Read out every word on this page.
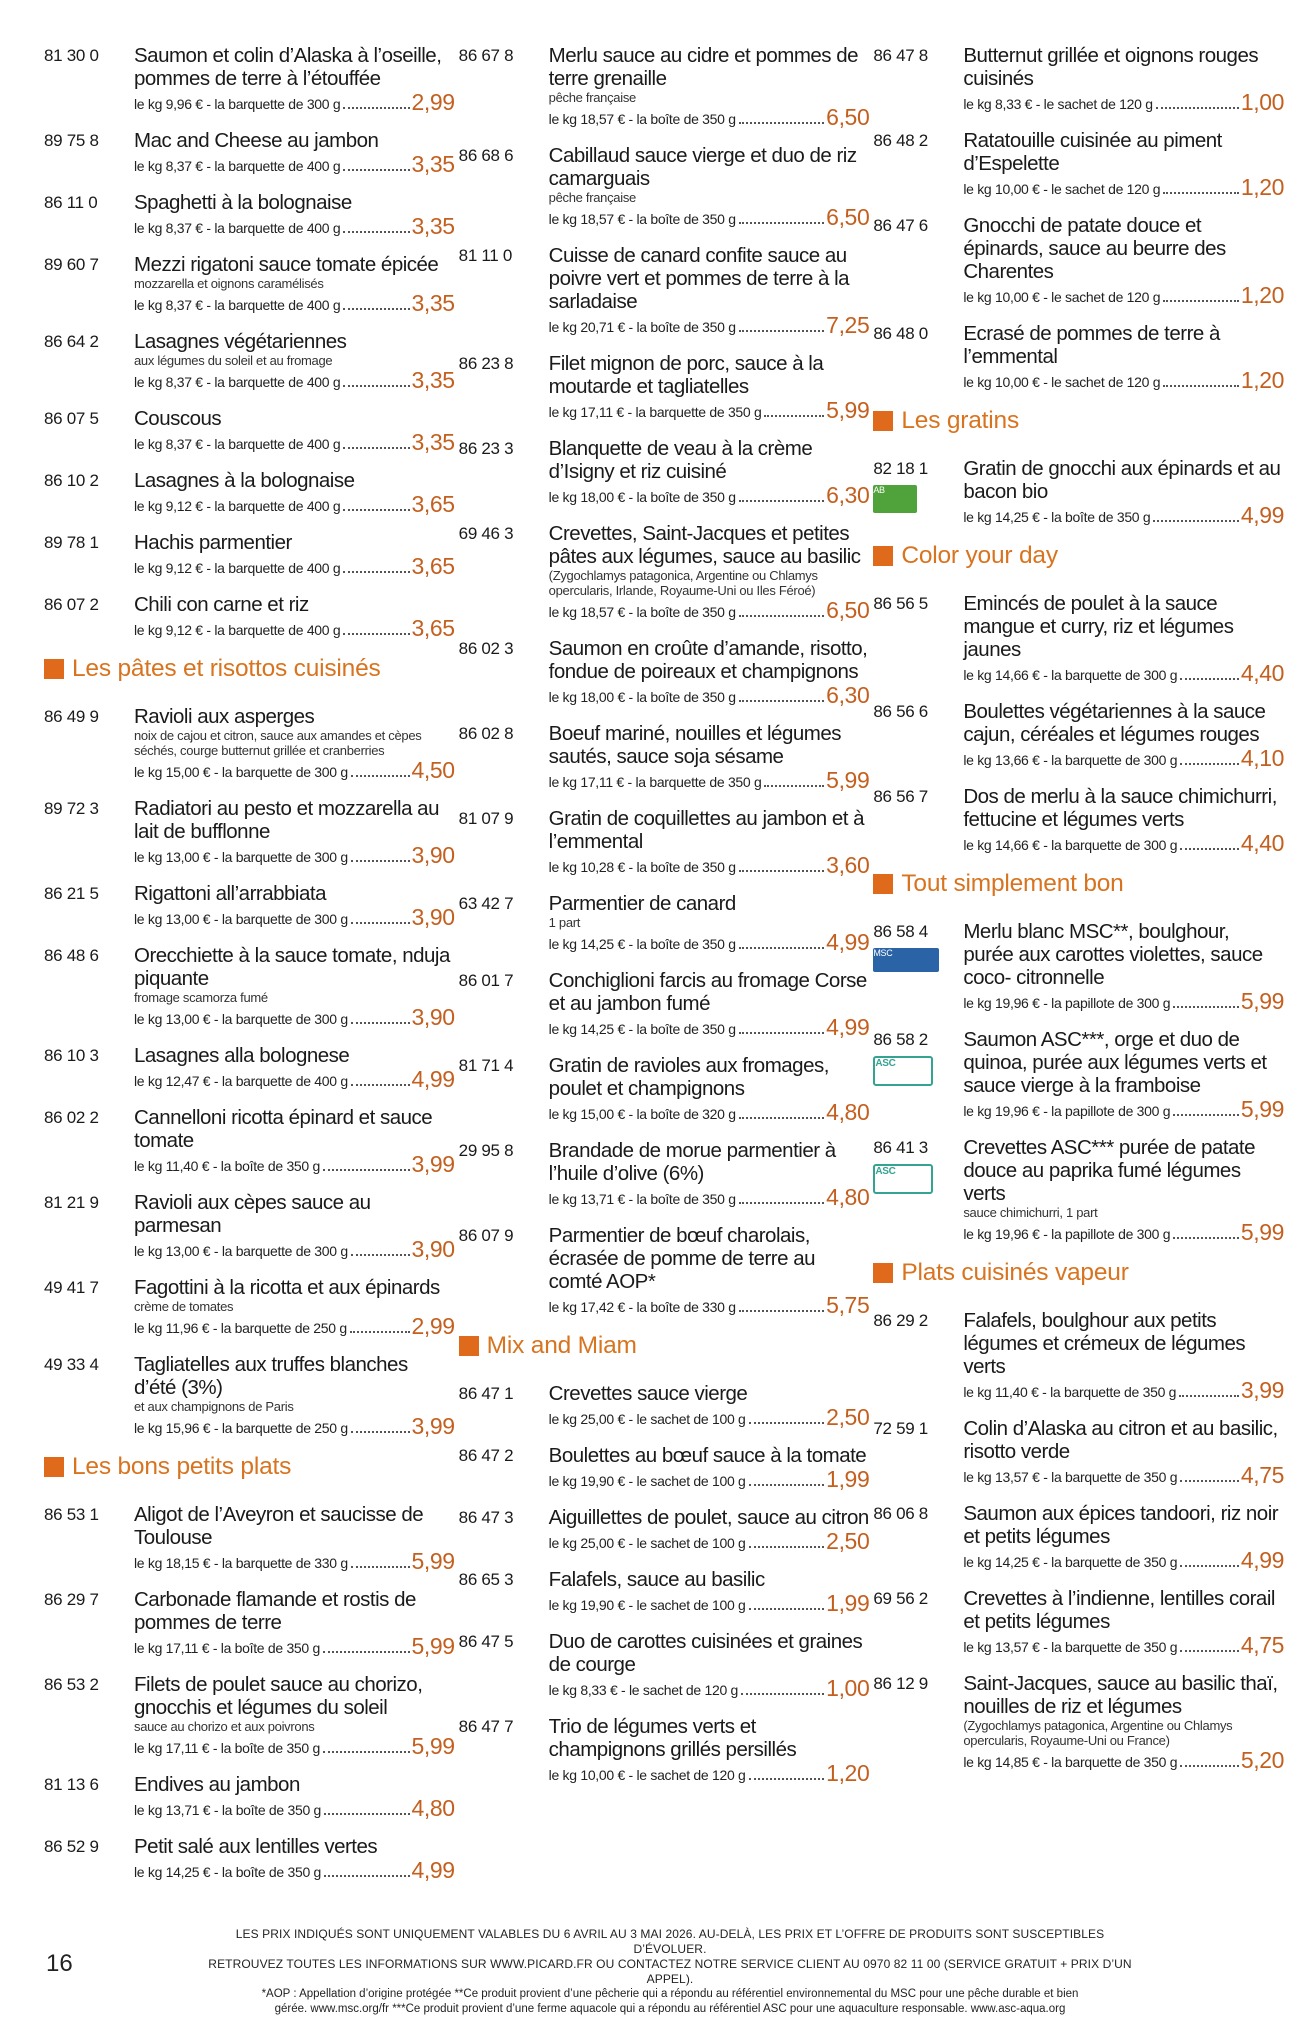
81 30 0	Saumon et colin d’Alaska à l’oseille, pommes de terre à l’étouffée
le kg 9,96 € - la barquette de 300 g	2,99
89 75 8	Mac and Cheese au jambon
le kg 8,37 € - la barquette de 400 g	3,35
86 11 0	Spaghetti à la bolognaise
le kg 8,37 € - la barquette de 400 g	3,35
89 60 7	Mezzi rigatoni sauce tomate épicée
mozzarella et oignons caramélisés
le kg 8,37 € - la barquette de 400 g	3,35
86 64 2	Lasagnes végétariennes
aux légumes du soleil et au fromage
le kg 8,37 € - la barquette de 400 g	3,35
86 07 5	Couscous
le kg 8,37 € - la barquette de 400 g	3,35
86 10 2	Lasagnes à la bolognaise
le kg 9,12 € - la barquette de 400 g	3,65
89 78 1	Hachis parmentier
le kg 9,12 € - la barquette de 400 g	3,65
86 07 2	Chili con carne et riz
le kg 9,12 € - la barquette de 400 g	3,65
Les pâtes et risottos cuisinés
86 49 9	Ravioli aux asperges
noix de cajou et citron, sauce aux amandes et cèpes séchés, courge butternut grillée et cranberries
le kg 15,00 € - la barquette de 300 g	4,50
89 72 3	Radiatori au pesto et mozzarella au lait de bufflonne
le kg 13,00 € - la barquette de 300 g	3,90
86 21 5	Rigattoni all’arrabbiata
le kg 13,00 € - la barquette de 300 g	3,90
86 48 6	Orecchiette à la sauce tomate, nduja piquante
fromage scamorza fumé
le kg 13,00 € - la barquette de 300 g	3,90
86 10 3	Lasagnes alla bolognese
le kg 12,47 € - la barquette de 400 g	4,99
86 02 2	Cannelloni ricotta épinard et sauce tomate
le kg 11,40 € - la boîte de 350 g	3,99
81 21 9	Ravioli aux cèpes sauce au parmesan
le kg 13,00 € - la barquette de 300 g	3,90
49 41 7	Fagottini à la ricotta et aux épinards
crème de tomates
le kg 11,96 € - la barquette de 250 g	2,99
49 33 4	Tagliatelles aux truffes blanches d’été (3%)
et aux champignons de Paris
le kg 15,96 € - la barquette de 250 g	3,99
Les bons petits plats
86 53 1	Aligot de l’Aveyron et saucisse de Toulouse
le kg 18,15 € - la barquette de 330 g	5,99
86 29 7	Carbonade flamande et rostis de pommes de terre
le kg 17,11 € - la boîte de 350 g	5,99
86 53 2	Filets de poulet sauce au chorizo, gnocchis et légumes du soleil
sauce au chorizo et aux poivrons
le kg 17,11 € - la boîte de 350 g	5,99
81 13 6	Endives au jambon
le kg 13,71 € - la boîte de 350 g	4,80
86 52 9	Petit salé aux lentilles vertes
le kg 14,25 € - la boîte de 350 g	4,99
86 67 8	Merlu sauce au cidre et pommes de terre grenaille
pêche française
le kg 18,57 € - la boîte de 350 g	6,50
86 68 6	Cabillaud sauce vierge et duo de riz camarguais
pêche française
le kg 18,57 € - la boîte de 350 g	6,50
81 11 0	Cuisse de canard confite sauce au poivre vert et pommes de terre à la sarladaise
le kg 20,71 € - la boîte de 350 g	7,25
86 23 8	Filet mignon de porc, sauce à la moutarde et tagliatelles
le kg 17,11 € - la barquette de 350 g	5,99
86 23 3	Blanquette de veau à la crème d’Isigny et riz cuisiné
le kg 18,00 € - la boîte de 350 g	6,30
69 46 3	Crevettes, Saint-Jacques et petites pâtes aux légumes, sauce au basilic
(Zygochlamys patagonica, Argentine ou Chlamys opercularis, Irlande, Royaume-Uni ou Iles Féroé)
le kg 18,57 € - la boîte de 350 g	6,50
86 02 3	Saumon en croûte d’amande, risotto, fondue de poireaux et champignons
le kg 18,00 € - la boîte de 350 g	6,30
86 02 8	Boeuf mariné, nouilles et légumes sautés, sauce soja sésame
le kg 17,11 € - la barquette de 350 g	5,99
81 07 9	Gratin de coquillettes au jambon et à l’emmental
le kg 10,28 € - la boîte de 350 g	3,60
63 42 7	Parmentier de canard
1 part
le kg 14,25 € - la boîte de 350 g	4,99
86 01 7	Conchiglioni farcis au fromage Corse et au jambon fumé
le kg 14,25 € - la boîte de 350 g	4,99
81 71 4	Gratin de ravioles aux fromages, poulet et champignons
le kg 15,00 € - la boîte de 320 g	4,80
29 95 8	Brandade de morue parmentier à l’huile d’olive (6%)
le kg 13,71 € - la boîte de 350 g	4,80
86 07 9	Parmentier de bœuf charolais, écrasée de pomme de terre au comté AOP*
le kg 17,42 € - la boîte de 330 g	5,75
Mix and Miam
86 47 1	Crevettes sauce vierge
le kg 25,00 € - le sachet de 100 g	2,50
86 47 2	Boulettes au bœuf sauce à la tomate
le kg 19,90 € - le sachet de 100 g	1,99
86 47 3	Aiguillettes de poulet, sauce au citron
le kg 25,00 € - le sachet de 100 g	2,50
86 65 3	Falafels, sauce au basilic
le kg 19,90 € - le sachet de 100 g	1,99
86 47 5	Duo de carottes cuisinées et graines de courge
le kg 8,33 € - le sachet de 120 g	1,00
86 47 7	Trio de légumes verts et champignons grillés persillés
le kg 10,00 € - le sachet de 120 g	1,20
86 47 8	Butternut grillée et oignons rouges cuisinés
le kg 8,33 € - le sachet de 120 g	1,00
86 48 2	Ratatouille cuisinée au piment d’Espelette
le kg 10,00 € - le sachet de 120 g	1,20
86 47 6	Gnocchi de patate douce et épinards, sauce au beurre des Charentes
le kg 10,00 € - le sachet de 120 g	1,20
86 48 0	Ecrasé de pommes de terre à l’emmental
le kg 10,00 € - le sachet de 120 g	1,20
Les gratins
82 18 1
AB
Gratin de gnocchi aux épinards et au bacon bio
le kg 14,25 € - la boîte de 350 g	4,99
Color your day
86 56 5	Emincés de poulet à la sauce mangue et curry, riz et légumes jaunes
le kg 14,66 € - la barquette de 300 g	4,40
86 56 6	Boulettes végétariennes à la sauce cajun, céréales et légumes rouges
le kg 13,66 € - la barquette de 300 g	4,10
86 56 7	Dos de merlu à la sauce chimichurri, fettucine et légumes verts
le kg 14,66 € - la barquette de 300 g	4,40
Tout simplement bon
86 58 4
MSC
Merlu blanc MSC**, boulghour, purée aux carottes violettes, sauce coco- citronnelle
le kg 19,96 € - la papillote de 300 g	5,99
86 58 2
ASC
Saumon ASC***, orge et duo de quinoa, purée aux légumes verts et sauce vierge à la framboise
le kg 19,96 € - la papillote de 300 g	5,99
86 41 3
ASC
Crevettes ASC*** purée de patate douce au paprika fumé légumes verts
sauce chimichurri, 1 part
le kg 19,96 € - la papillote de 300 g	5,99
Plats cuisinés vapeur
86 29 2	Falafels, boulghour aux petits légumes et crémeux de légumes verts
le kg 11,40 € - la barquette de 350 g	3,99
72 59 1	Colin d’Alaska au citron et au basilic, risotto verde
le kg 13,57 € - la barquette de 350 g	4,75
86 06 8	Saumon aux épices tandoori, riz noir et petits légumes
le kg 14,25 € - la barquette de 350 g	4,99
69 56 2	Crevettes à l’indienne, lentilles corail et petits légumes
le kg 13,57 € - la barquette de 350 g	4,75
86 12 9	Saint-Jacques, sauce au basilic thaï, nouilles de riz et légumes
(Zygochlamys patagonica, Argentine ou Chlamys opercularis, Royaume-Uni ou France)
le kg 14,85 € - la barquette de 350 g	5,20
LES PRIX INDIQUÉS SONT UNIQUEMENT VALABLES DU 6 AVRIL AU 3 MAI 2026. AU-DELÀ, LES PRIX ET L’OFFRE DE PRODUITS SONT SUSCEPTIBLES D’ÉVOLUER.
RETROUVEZ TOUTES LES INFORMATIONS SUR WWW.PICARD.FR OU CONTACTEZ NOTRE SERVICE CLIENT AU 0970 82 11 00 (SERVICE GRATUIT + PRIX D’UN APPEL).
*AOP : Appellation d’origine protégée **Ce produit provient d’une pêcherie qui a répondu au référentiel environnemental du MSC pour une pêche durable et bien
gérée. www.msc.org/fr ***Ce produit provient d’une ferme aquacole qui a répondu au référentiel ASC pour une aquaculture responsable. www.asc-aqua.org
16
